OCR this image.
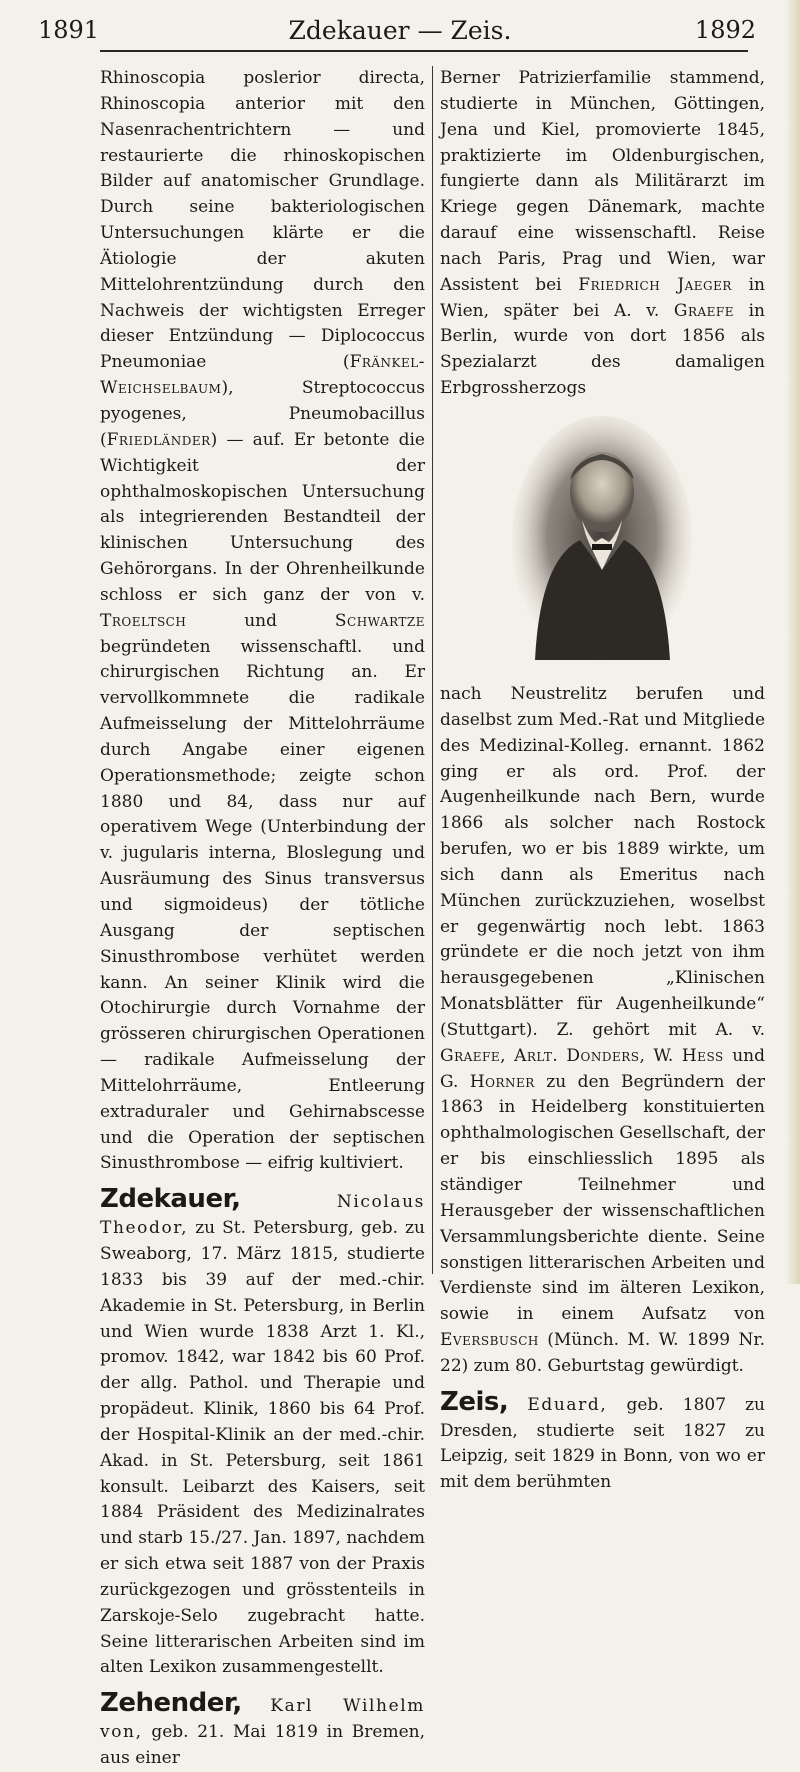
1891	Zdekauer — Zeis.	1892

Rhinoscopia poslerior directa, Rhinoscopia anterior mit den Nasenrachentrichtern — und restaurierte die rhinoskopischen Bilder auf anatomischer Grundlage. Durch seine bakteriologischen Untersuchungen klärte er die Ätiologie der akuten Mittelohrentzündung durch den Nachweis der wichtigsten Erreger dieser Entzündung — Diplococcus Pneumoniae (Fränkel-Weichselbaum), Streptococcus pyogenes, Pneumobacillus (Friedländer) — auf. Er betonte die Wichtigkeit der ophthalmoskopischen Untersuchung als integrierenden Bestandteil der klinischen Untersuchung des Gehörorgans. In der Ohrenheilkunde schloss er sich ganz der von v. Troeltsch und Schwartze begründeten wissenschaftl. und chirurgischen Richtung an. Er vervollkommnete die radikale Aufmeisselung der Mittelohrräume durch Angabe einer eigenen Operationsmethode; zeigte schon 1880 und 84, dass nur auf operativem Wege (Unterbindung der v. jugularis interna, Bloslegung und Ausräumung des Sinus transversus und sigmoideus) der tötliche Ausgang der septischen Sinusthrombose verhütet werden kann. An seiner Klinik wird die Otochirurgie durch Vornahme der grösseren chirurgischen Operationen — radikale Aufmeisselung der Mittelohrräume, Entleerung extraduraler und Gehirnabscesse und die Operation der septischen Sinusthrombose — eifrig kultiviert.

Zdekauer,	Nicolaus Theodor, zu St. Petersburg, geb. zu Sweaborg, 17. März 1815, studierte 1833 bis 39 auf der med.-chir. Akademie in St. Petersburg, in Berlin und Wien wurde 1838 Arzt 1. Kl., promov. 1842, war 1842 bis 60 Prof. der allg. Pathol. und Therapie und propädeut. Klinik, 1860 bis 64 Prof. der Hospital-Klinik an der med.-chir. Akad. in St. Petersburg, seit 1861 konsult. Leibarzt des Kaisers, seit 1884 Präsident des Medizinalrates und starb 15./27. Jan. 1897, nachdem er sich etwa seit 1887 von der Praxis zurückgezogen und grösstenteils in Zarskoje-Selo zugebracht hatte. Seine litterarischen Arbeiten sind im alten Lexikon zusammengestellt.

Zehender, Karl Wilhelm von, geb. 21. Mai 1819 in Bremen, aus einer

Berner Patrizierfamilie stammend, studierte in München, Göttingen, Jena und Kiel, promovierte 1845, praktizierte im Oldenburgischen, fungierte dann als Militärarzt im Kriege gegen Dänemark, machte darauf eine wissenschaftl. Reise nach Paris, Prag und Wien, war Assistent bei Friedrich Jaeger in Wien, später bei A. v. Graefe in Berlin, wurde von dort 1856 als Spezialarzt des damaligen Erbgrossherzogs

nach Neustrelitz berufen und daselbst zum Med.-Rat und Mitgliede des Medizinal-Kolleg. ernannt. 1862 ging er als ord. Prof. der Augenheilkunde nach Bern, wurde 1866 als solcher nach Rostock berufen, wo er bis 1889 wirkte, um sich dann als Emeritus nach München zurückzuziehen, woselbst er gegenwärtig noch lebt. 1863 gründete er die noch jetzt von ihm herausgegebenen „Klinischen Monatsblätter für Augenheilkunde“ (Stuttgart). Z. gehört mit A. v. Graefe, Arlt. Donders, W. Hess und G. Horner zu den Begründern der 1863 in Heidelberg konstituierten ophthalmologischen Gesellschaft, der er bis einschliesslich 1895 als ständiger Teilnehmer und Herausgeber der wissenschaftlichen Versammlungsberichte diente. Seine sonstigen litterarischen Arbeiten und Verdienste sind im älteren Lexikon, sowie in einem Aufsatz von Eversbusch (Münch. M. W. 1899 Nr. 22) zum 80. Geburtstag gewürdigt.

Zeis, Eduard, geb. 1807 zu Dresden, studierte seit 1827 zu Leipzig, seit 1829 in Bonn, von wo er mit dem berühmten
